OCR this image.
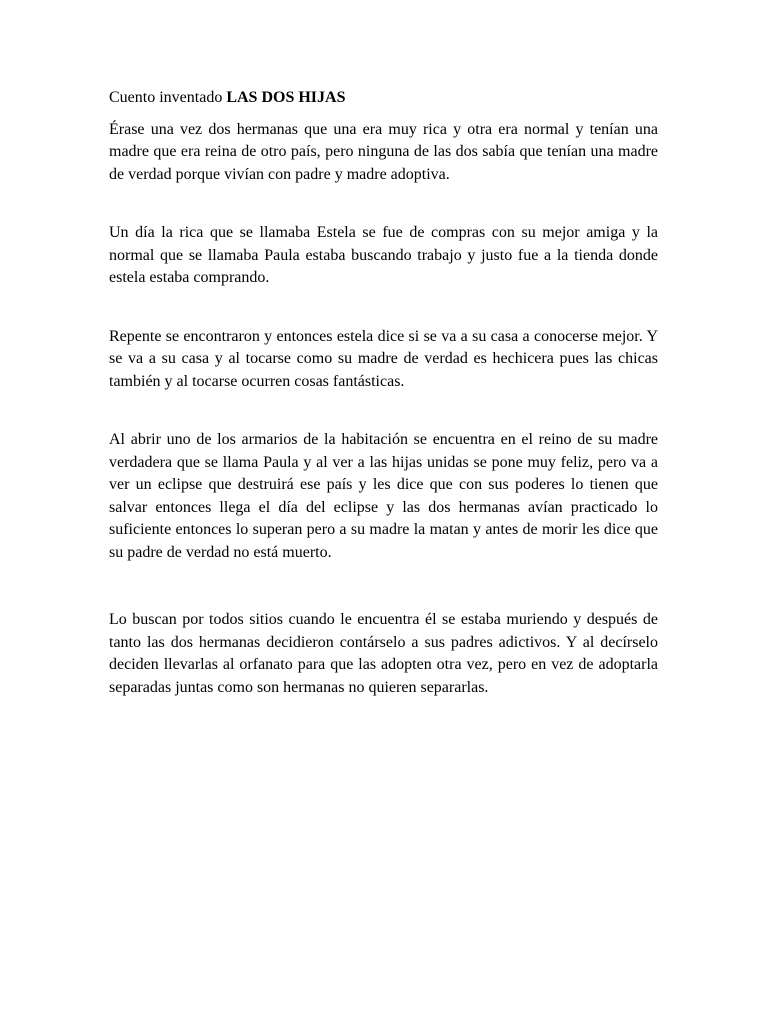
Cuento inventado LAS DOS HIJAS

Érase una vez dos hermanas que una era muy rica y otra era normal y tenían una madre que era reina de otro país, pero ninguna de las dos sabía que tenían una madre de verdad porque vivían con padre y madre adoptiva.

Un día la rica que se llamaba Estela se fue de compras con su mejor amiga y la normal que se llamaba Paula estaba buscando trabajo y justo fue a la tienda donde estela estaba comprando.

Repente se encontraron y entonces estela dice si se va a su casa a conocerse mejor. Y se va a su casa y al tocarse como su madre de verdad es hechicera pues las chicas también y al tocarse ocurren cosas fantásticas.

Al abrir uno de los armarios de la habitación se encuentra en el reino de su madre verdadera que se llama Paula y al ver a las hijas unidas se pone muy feliz, pero va a ver un eclipse que destruirá ese país y les dice que con sus poderes lo tienen que salvar entonces llega el día del eclipse y las dos hermanas avían practicado lo suficiente entonces lo superan pero a su madre la matan y antes de morir les dice que su padre de verdad no está muerto.

Lo buscan por todos sitios cuando le encuentra él se estaba muriendo y después de tanto las dos hermanas decidieron contárselo a sus padres adictivos. Y al decírselo deciden llevarlas al orfanato para que las adopten otra vez, pero en vez de adoptarla separadas juntas como son hermanas no quieren separarlas.
